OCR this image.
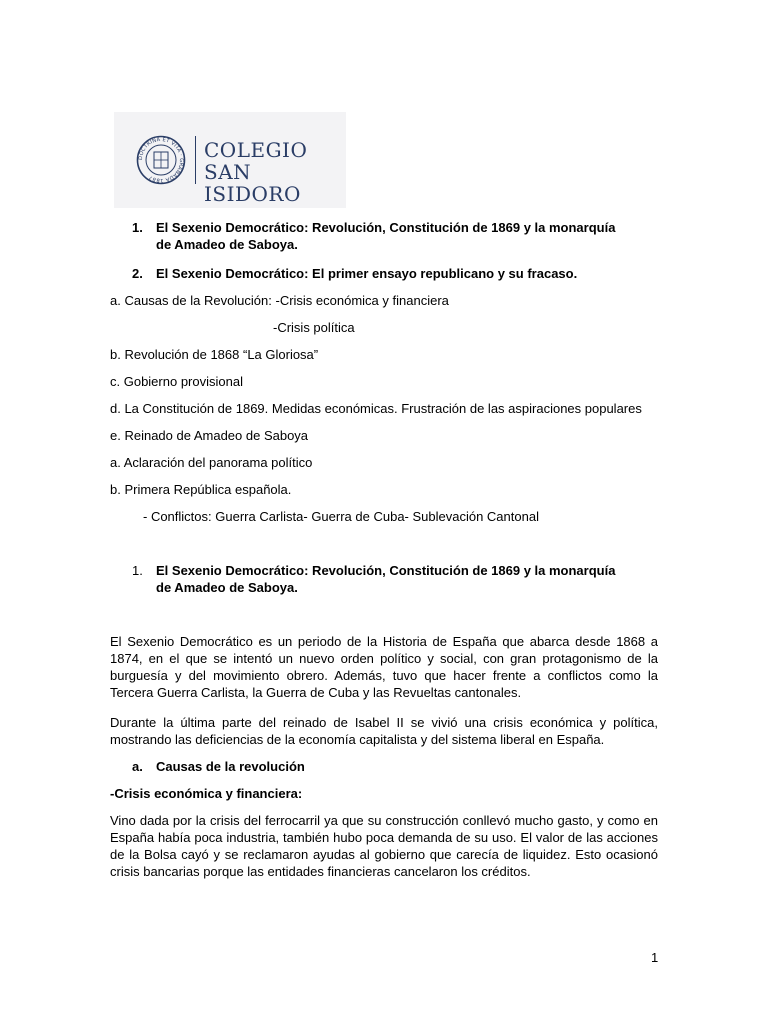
DOCTRINA ET VITA · GRANADA 1887
COLEGIO
SAN ISIDORO
1. El Sexenio Democrático: Revolución, Constitución de 1869 y la monarquía de Amadeo de Saboya.
2. El Sexenio Democrático: El primer ensayo republicano y su fracaso.
a. Causas de la Revolución: -Crisis económica y financiera
-Crisis política
b. Revolución de 1868 “La Gloriosa”
c. Gobierno provisional
d. La Constitución de 1869. Medidas económicas. Frustración de las aspiraciones populares
e. Reinado de Amadeo de Saboya
a. Aclaración del panorama político
b. Primera República española.
- Conflictos: Guerra Carlista- Guerra de Cuba- Sublevación Cantonal
1. El Sexenio Democrático: Revolución, Constitución de 1869 y la monarquía de Amadeo de Saboya.
El Sexenio Democrático es un periodo de la Historia de España que abarca desde 1868 a 1874, en el que se intentó un nuevo orden político y social, con gran protagonismo de la burguesía y del movimiento obrero. Además, tuvo que hacer frente a conflictos como la Tercera Guerra Carlista, la Guerra de Cuba y las Revueltas cantonales.
Durante la última parte del reinado de Isabel II se vivió una crisis económica y política, mostrando las deficiencias de la economía capitalista y del sistema liberal en España.
a. Causas de la revolución
-Crisis económica y financiera:
Vino dada por la crisis del ferrocarril ya que su construcción conllevó mucho gasto, y como en España había poca industria, también hubo poca demanda de su uso. El valor de las acciones de la Bolsa cayó y se reclamaron ayudas al gobierno que carecía de liquidez. Esto ocasionó crisis bancarias porque las entidades financieras cancelaron los créditos.
1
